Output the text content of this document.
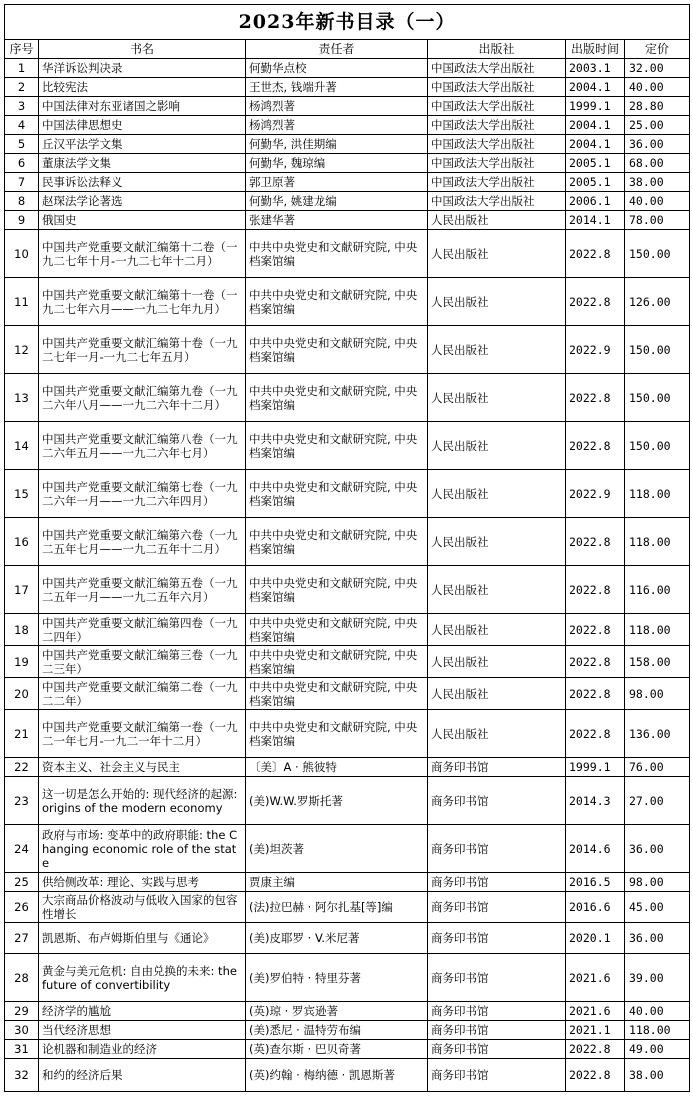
2023年新书目录（一）					
序号	书名	责任者	出版社	出版时间	定价
1	华洋诉讼判决录	何勤华点校	中国政法大学出版社	2003.1	32.00
2	比较宪法	王世杰, 钱端升著	中国政法大学出版社	2004.1	40.00
3	中国法律对东亚诸国之影响	杨鸿烈著	中国政法大学出版社	1999.1	28.80
4	中国法律思想史	杨鸿烈著	中国政法大学出版社	2004.1	25.00
5	丘汉平法学文集	何勤华, 洪佳期编	中国政法大学出版社	2004.1	36.00
6	董康法学文集	何勤华, 魏琼编	中国政法大学出版社	2005.1	68.00
7	民事诉讼法释义	郭卫原著	中国政法大学出版社	2005.1	38.00
8	赵琛法学论著选	何勤华, 姚建龙编	中国政法大学出版社	2006.1	40.00
9	俄国史	张建华著	人民出版社	2014.1	78.00
10	中国共产党重要文献汇编第十二卷（一九二七年十月-一九二七年十二月）	中共中央党史和文献研究院, 中央档案馆编	人民出版社	2022.8	150.00
11	中国共产党重要文献汇编第十一卷（一九二七年六月——一九二七年九月）	中共中央党史和文献研究院, 中央档案馆编	人民出版社	2022.8	126.00
12	中国共产党重要文献汇编第十卷（一九二七年一月-一九二七年五月）	中共中央党史和文献研究院, 中央档案馆编	人民出版社	2022.9	150.00
13	中国共产党重要文献汇编第九卷（一九二六年八月——一九二六年十二月）	中共中央党史和文献研究院, 中央档案馆编	人民出版社	2022.8	150.00
14	中国共产党重要文献汇编第八卷（一九二六年五月——一九二六年七月）	中共中央党史和文献研究院, 中央档案馆编	人民出版社	2022.8	150.00
15	中国共产党重要文献汇编第七卷（一九二六年一月——一九二六年四月）	中共中央党史和文献研究院, 中央档案馆编	人民出版社	2022.9	118.00
16	中国共产党重要文献汇编第六卷（一九二五年七月——一九二五年十二月）	中共中央党史和文献研究院, 中央档案馆编	人民出版社	2022.8	118.00
17	中国共产党重要文献汇编第五卷（一九二五年一月——一九二五年六月）	中共中央党史和文献研究院, 中央档案馆编	人民出版社	2022.8	116.00
18	中国共产党重要文献汇编第四卷（一九二四年）	中共中央党史和文献研究院, 中央档案馆编	人民出版社	2022.8	118.00
19	中国共产党重要文献汇编第三卷（一九二三年）	中共中央党史和文献研究院, 中央档案馆编	人民出版社	2022.8	158.00
20	中国共产党重要文献汇编第二卷（一九二二年）	中共中央党史和文献研究院, 中央档案馆编	人民出版社	2022.8	98.00
21	中国共产党重要文献汇编第一卷（一九二一年七月-一九二一年十二月）	中共中央党史和文献研究院, 中央档案馆编	人民出版社	2022.8	136.00
22	资本主义、社会主义与民主	〔美〕A · 熊彼特	商务印书馆	1999.1	76.00
23	这一切是怎么开始的: 现代经济的起源: origins of the modern economy	(美)W.W.罗斯托著	商务印书馆	2014.3	27.00
24	政府与市场: 变革中的政府职能: the Changing economic role of the state	(美)坦茨著	商务印书馆	2014.6	36.00
25	供给侧改革: 理论、实践与思考	贾康主编	商务印书馆	2016.5	98.00
26	大宗商品价格波动与低收入国家的包容性增长	(法)拉巴赫 · 阿尔扎基[等]编	商务印书馆	2016.6	45.00
27	凯恩斯、布卢姆斯伯里与《通论》	(美)皮耶罗 · V.米尼著	商务印书馆	2020.1	36.00
28	黄金与美元危机: 自由兑换的未来: the future of convertibility	(美)罗伯特 · 特里芬著	商务印书馆	2021.6	39.00
29	经济学的尴尬	(英)琼 · 罗宾逊著	商务印书馆	2021.6	40.00
30	当代经济思想	(美)悉尼 · 温特劳布编	商务印书馆	2021.1	118.00
31	论机器和制造业的经济	(英)查尔斯 · 巴贝奇著	商务印书馆	2022.8	49.00
32	和约的经济后果	(英)约翰 · 梅纳德 · 凯恩斯著	商务印书馆	2022.8	38.00
